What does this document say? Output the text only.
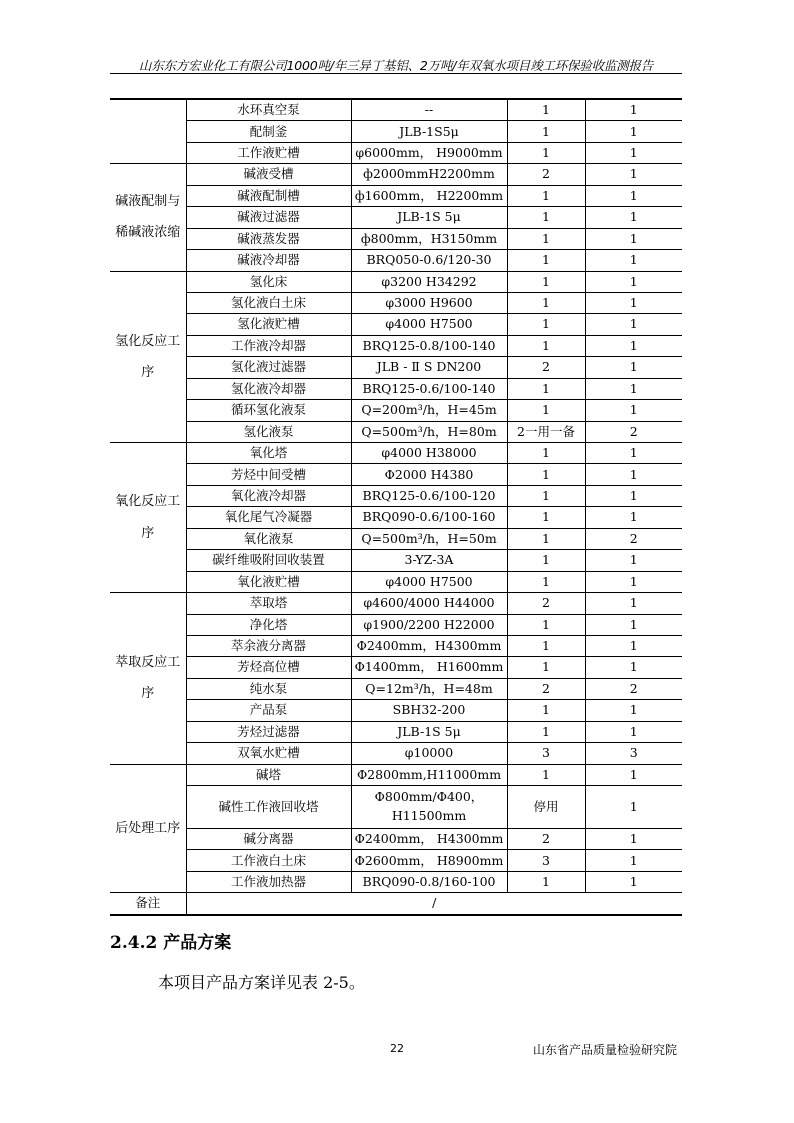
山东东方宏业化工有限公司1000吨/年三异丁基铝、2万吨/年双氧水项目竣工环保验收监测报告
	水环真空泵	--	1	1
	配制釜	JLB-1S5μ	1	1
	工作液贮槽	φ6000mm， H9000mm	1	1
碱液配制与稀碱液浓缩	碱液受槽	ф2000mmH2200mm	2	1
	碱液配制槽	ф1600mm， H2200mm	1	1
	碱液过滤器	JLB-1S 5μ	1	1
	碱液蒸发器	ф800mm，H3150mm	1	1
	碱液冷却器	BRQ050-0.6/120-30	1	1
氢化反应工序	氢化床	φ3200 H34292	1	1
	氢化液白土床	φ3000 H9600	1	1
	氢化液贮槽	φ4000 H7500	1	1
	工作液冷却器	BRQ125-0.8/100-140	1	1
	氢化液过滤器	JLB - Ⅱ S DN200	2	1
	氢化液冷却器	BRQ125-0.6/100-140	1	1
	循环氢化液泵	Q=200m³/h，H=45m	1	1
	氢化液泵	Q=500m³/h，H=80m	2一用一备	2
氧化反应工序	氧化塔	φ4000 H38000	1	1
	芳烃中间受槽	Φ2000 H4380	1	1
	氧化液冷却器	BRQ125-0.6/100-120	1	1
	氧化尾气冷凝器	BRQ090-0.6/100-160	1	1
	氧化液泵	Q=500m³/h，H=50m	1	2
	碳纤维吸附回收装置	3-YZ-3A	1	1
	氧化液贮槽	φ4000 H7500	1	1
萃取反应工序	萃取塔	φ4600/4000 H44000	2	1
	净化塔	φ1900/2200 H22000	1	1
	萃余液分离器	Φ2400mm，H4300mm	1	1
	芳烃高位槽	Φ1400mm， H1600mm	1	1
	纯水泵	Q=12m³/h，H=48m	2	2
	产品泵	SBH32-200	1	1
	芳烃过滤器	JLB-1S 5μ	1	1
	双氧水贮槽	φ10000	3	3
后处理工序	碱塔	Φ2800mm,H11000mm	1	1
	碱性工作液回收塔	Φ800mm/Φ400，H11500mm	停用	1
	碱分离器	Φ2400mm， H4300mm	2	1
	工作液白土床	Φ2600mm， H8900mm	3	1
	工作液加热器	BRQ090-0.8/160-100	1	1
备注	/			
2.4.2 产品方案
本项目产品方案详见表 2-5。
22	山东省产品质量检验研究院
